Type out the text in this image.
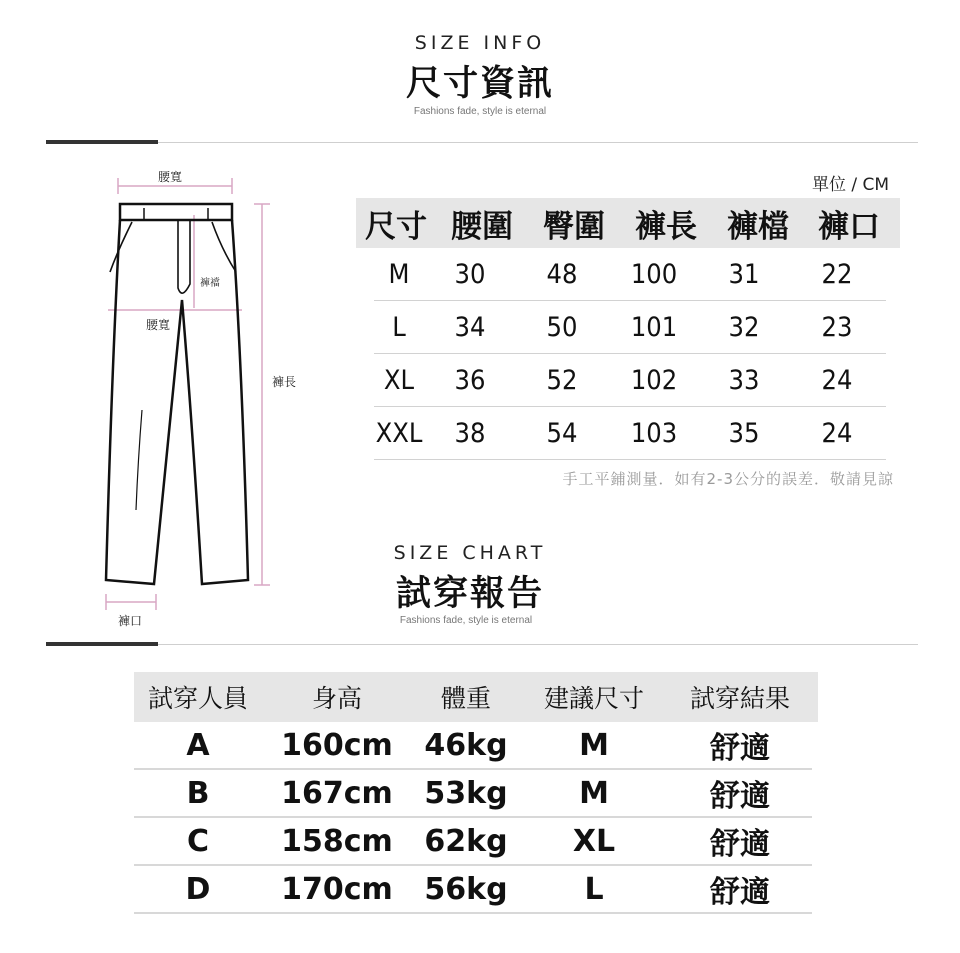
SIZE INFO
尺寸資訊
Fashions fade, style is eternal
腰寬
褲襠
腰寬
褲長
褲口
單位 / CM
尺寸 腰圍 臀圍 褲長 褲檔 褲口
M	30	48	100	31	22
L	34	50	101	32	23
XL	36	52	102	33	24
XXL	38	54	103	35	24
手工平鋪測量．如有2-3公分的誤差．敬請見諒
SIZE CHART
試穿報告
Fashions fade, style is eternal
試穿人員	身高	體重	建議尺寸	試穿結果
A	160cm	46kg	M	舒適
B	167cm	53kg	M	舒適
C	158cm	62kg	XL	舒適
D	170cm	56kg	L	舒適
